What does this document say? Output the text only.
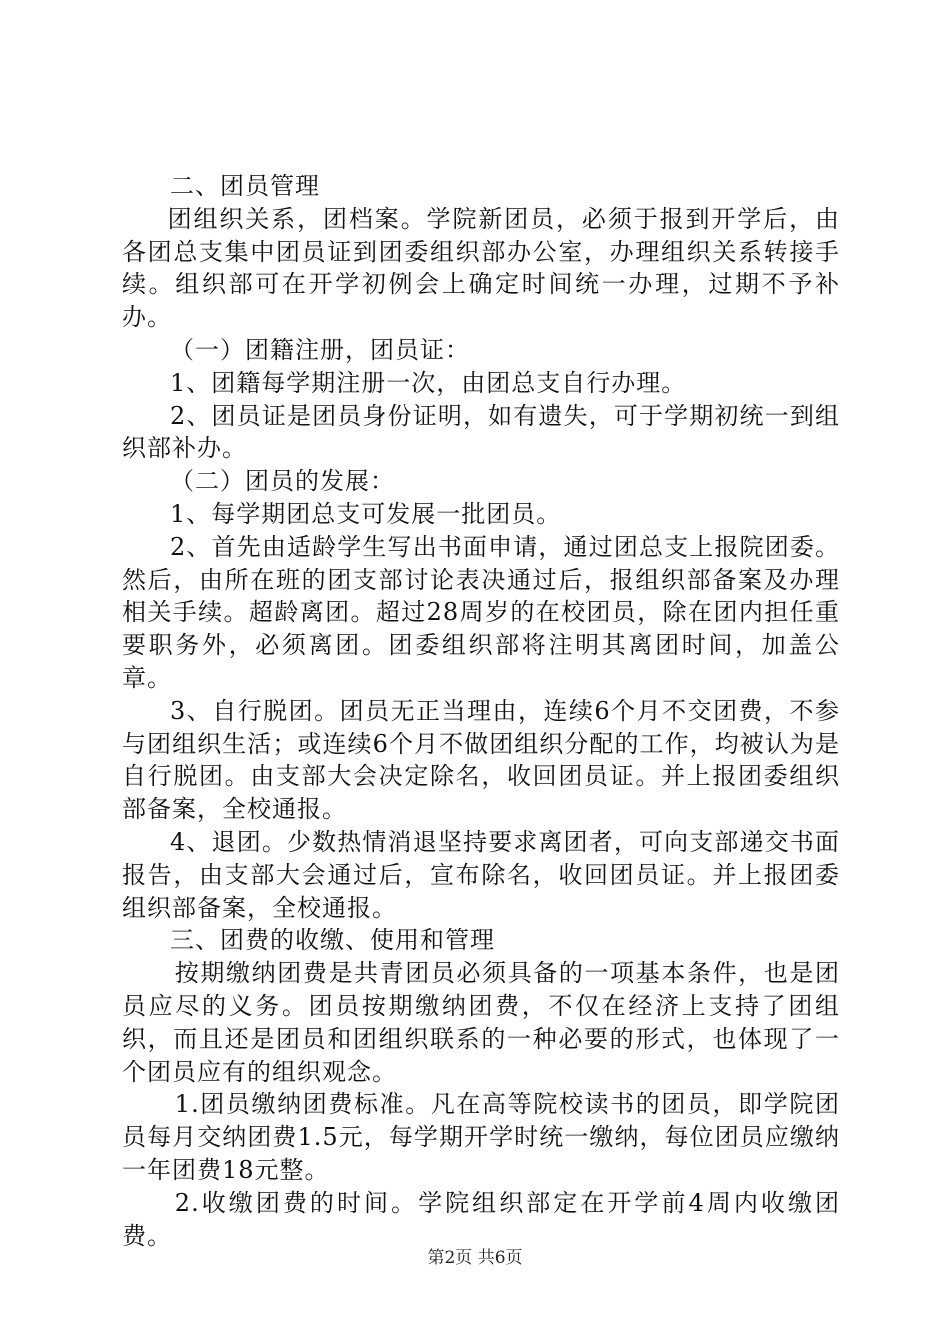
二、团员管理

团组织关系，团档案。学院新团员，必须于报到开学后，由各团总支集中团员证到团委组织部办公室，办理组织关系转接手续。组织部可在开学初例会上确定时间统一办理，过期不予补办。

（一）团籍注册，团员证：

1、团籍每学期注册一次，由团总支自行办理。

2、团员证是团员身份证明，如有遗失，可于学期初统一到组织部补办。

（二）团员的发展：

1、每学期团总支可发展一批团员。

2、首先由适龄学生写出书面申请，通过团总支上报院团委。然后，由所在班的团支部讨论表决通过后，报组织部备案及办理相关手续。超龄离团。超过28周岁的在校团员，除在团内担任重要职务外，必须离团。团委组织部将注明其离团时间，加盖公章。

3、自行脱团。团员无正当理由，连续6个月不交团费，不参与团组织生活；或连续6个月不做团组织分配的工作，均被认为是自行脱团。由支部大会决定除名，收回团员证。并上报团委组织部备案，全校通报。

4、退团。少数热情消退坚持要求离团者，可向支部递交书面报告，由支部大会通过后，宣布除名，收回团员证。并上报团委组织部备案，全校通报。

三、团费的收缴、使用和管理

按期缴纳团费是共青团员必须具备的一项基本条件，也是团员应尽的义务。团员按期缴纳团费，不仅在经济上支持了团组织，而且还是团员和团组织联系的一种必要的形式，也体现了一个团员应有的组织观念。

1.团员缴纳团费标准。凡在高等院校读书的团员，即学院团员每月交纳团费1.5元，每学期开学时统一缴纳，每位团员应缴纳一年团费18元整。

2.收缴团费的时间。学院组织部定在开学前4周内收缴团费。

第2页 共6页
